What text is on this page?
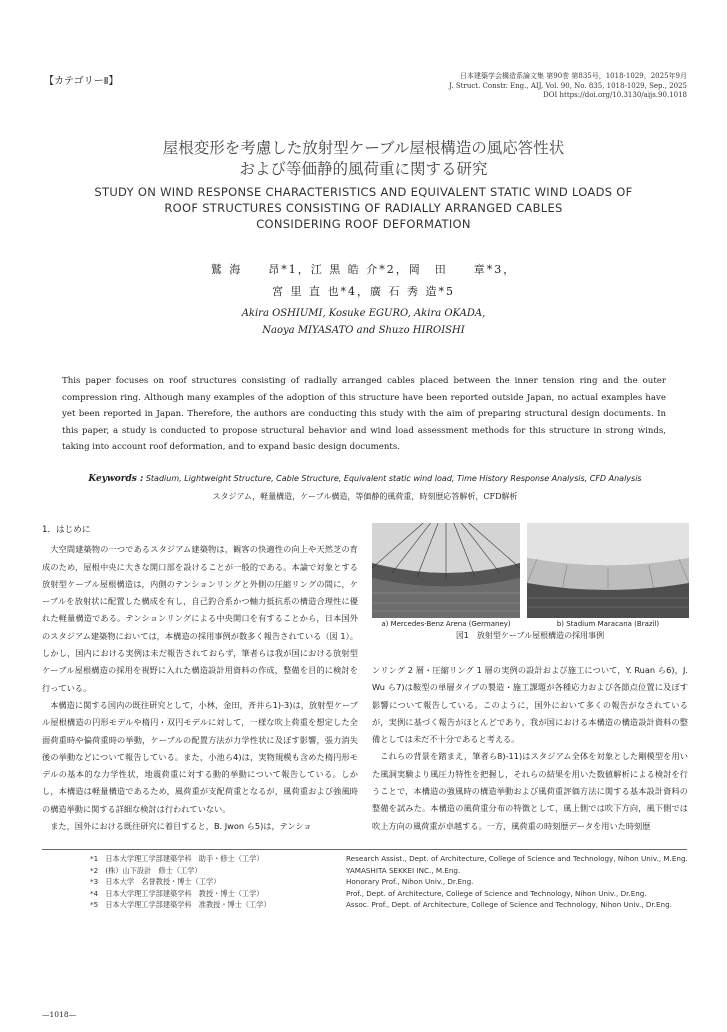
【カテゴリーⅡ】	日本建築学会構造系論文集 第90巻 第835号，1018-1029，2025年9月
J. Struct. Constr. Eng., AIJ, Vol. 90, No. 835, 1018-1029, Sep., 2025
DOI https://doi.org/10.3130/aijs.90.1018
屋根変形を考慮した放射型ケーブル屋根構造の風応答性状
および等価静的風荷重に関する研究
STUDY ON WIND RESPONSE CHARACTERISTICS AND EQUIVALENT STATIC WIND LOADS OF
ROOF STRUCTURES CONSISTING OF RADIALLY ARRANGED CABLES
CONSIDERING ROOF DEFORMATION
鷲 海　　昂*1，江 黒 皓 介*2，岡　田　　章*3，
宮 里 直 也*4，廣 石 秀 造*5
Akira OSHIUMI, Kosuke EGURO, Akira OKADA,
Naoya MIYASATO and Shuzo HIROISHI
This paper focuses on roof structures consisting of radially arranged cables placed between the inner tension ring and the outer compression ring. Although many examples of the adoption of this structure have been reported outside Japan, no actual examples have yet been reported in Japan. Therefore, the authors are conducting this study with the aim of preparing structural design documents. In this paper, a study is conducted to propose structural behavior and wind load assessment methods for this structure in strong winds, taking into account roof deformation, and to expand basic design documents.
Keywords : Stadium, Lightweight Structure, Cable Structure, Equivalent static wind load, Time History Response Analysis, CFD Analysis
スタジアム，軽量構造，ケーブル構造，等価静的風荷重，時刻歴応答解析，CFD解析
1．はじめに

大空間建築物の一つであるスタジアム建築物は，観客の快適性の向上や天然芝の育成のため，屋根中央に大きな開口部を設けることが一般的である。本論で対象とする放射型ケーブル屋根構造は，内側のテンションリングと外側の圧縮リングの間に，ケーブルを放射状に配置した構成を有し，自己釣合系かつ軸力抵抗系の構造合理性に優れた軽量構造である。テンションリングによる中央開口を有することから，日本国外のスタジアム建築物においては，本構造の採用事例が数多く報告されている（図 1）。しかし，国内における実例は未だ報告されておらず，筆者らは我が国における放射型ケーブル屋根構造の採用を視野に入れた構造設計用資料の作成，整備を目的に検討を行っている。

本構造に関する国内の既往研究として，小林，金田，斉井ら1)-3)は，放射型ケーブル屋根構造の円形モデルや楕円・双円モデルに対して，一様な吹上荷重を想定した全面荷重時や偏荷重時の挙動，ケーブルの配置方法が力学性状に及ぼす影響，張力消失後の挙動などについて報告している。また，小池ら4)は，実物規模も含めた楕円形モデルの基本的な力学性状，地震荷重に対する動的挙動について報告している。しかし，本構造は軽量構造であるため，風荷重が支配荷重となるが，風荷重および強風時の構造挙動に関する詳細な検討は行われていない。

また，国外における既往研究に着目すると，B. Jwon ら5)は，テンショ

a) Mercedes-Benz Arena (Germaney)	b) Stadium Maracana (Brazil)
図1　放射型ケーブル屋根構造の採用事例

ンリング 2 層・圧縮リング 1 層の実例の設計および施工について，Y. Ruan ら6)，J. Wu ら7)は鞍型の単層タイプの製造・施工課題が各種応力および各節点位置に及ぼす影響について報告している。このように，国外において多くの報告がなされているが，実例に基づく報告がほとんどであり，我が国における本構造の構造設計資料の整備としては未だ不十分であると考える。

これらの背景を踏まえ，筆者ら8)-11)はスタジアム全体を対象とした剛模型を用いた風洞実験より風圧力特性を把握し，それらの結果を用いた数値解析による検討を行うことで，本構造の強風時の構造挙動および風荷重評価方法に関する基本設計資料の整備を試みた。本構造の風荷重分布の特徴として，風上側では吹下方向，風下側では吹上方向の風荷重が卓越する。一方，風荷重の時刻歴データを用いた時刻歴

*1　日本大学理工学部建築学科　助手・修士（工学）
*2　(株）山下設計　修士（工学）
*3　日本大学　名誉教授・博士（工学）
*4　日本大学理工学部建築学科　教授・博士（工学）
*5　日本大学理工学部建築学科　准教授・博士（工学）
Research Assist., Dept. of Architecture, College of Science and Technology, Nihon Univ., M.Eng.
YAMASHITA SEKKEI INC., M.Eng.
Honorary Prof., Nihon Univ., Dr.Eng.
Prof., Dept. of Architecture, College of Science and Technology, Nihon Univ., Dr.Eng.
Assoc. Prof., Dept. of Architecture, College of Science and Technology, Nihon Univ., Dr.Eng.
—1018—
